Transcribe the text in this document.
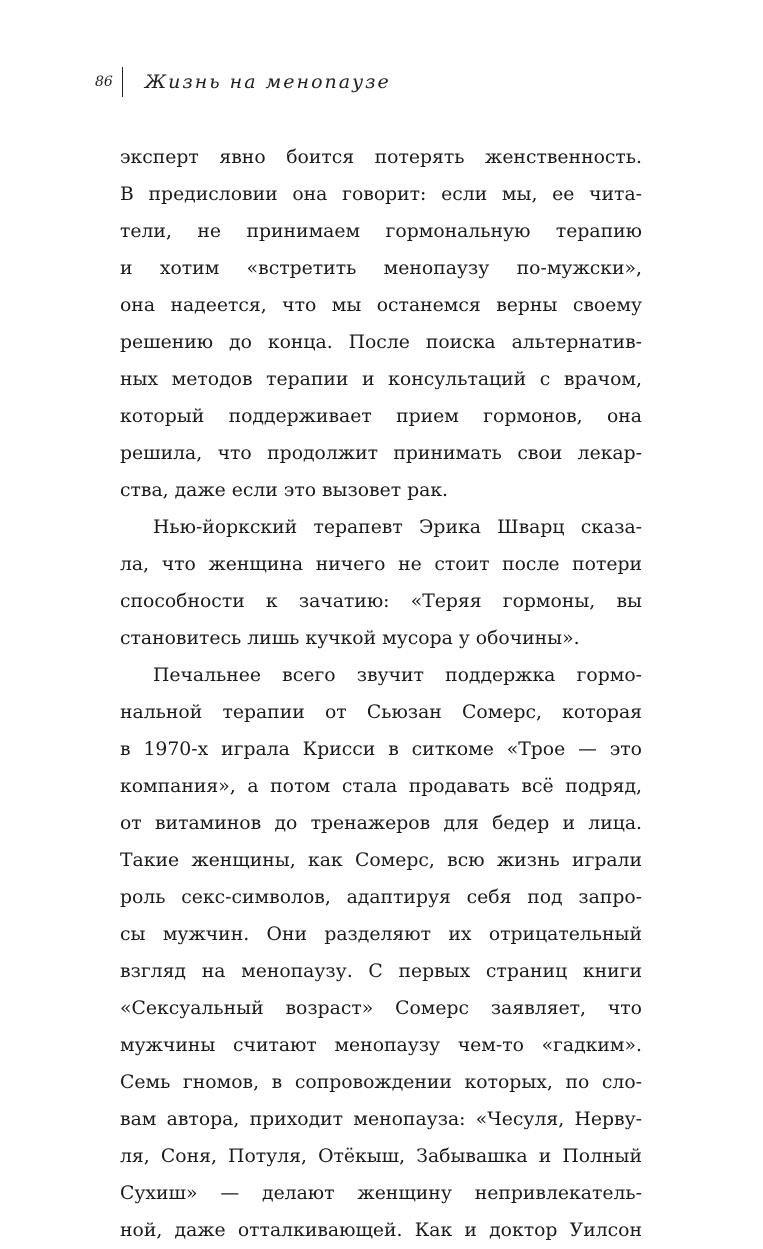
86	Жизнь на менопаузе
эксперт явно боится потерять женственность.
В предисловии она говорит: если мы, ее чита-
тели, не принимаем гормональную терапию
и хотим «встретить менопаузу по-мужски»,
она надеется, что мы останемся верны своему
решению до конца. После поиска альтернатив-
ных методов терапии и консультаций с врачом,
который поддерживает прием гормонов, она
решила, что продолжит принимать свои лекар-
ства, даже если это вызовет рак.
Нью-йоркский терапевт Эрика Шварц сказа-
ла, что женщина ничего не стоит после потери
способности к зачатию: «Теряя гормоны, вы
становитесь лишь кучкой мусора у обочины».
Печальнее всего звучит поддержка гормо-
нальной терапии от Сьюзан Сомерс, которая
в 1970-х играла Крисси в ситкоме «Трое — это
компания», а потом стала продавать всё подряд,
от витаминов до тренажеров для бедер и лица.
Такие женщины, как Сомерс, всю жизнь играли
роль секс-символов, адаптируя себя под запро-
сы мужчин. Они разделяют их отрицательный
взгляд на менопаузу. С первых страниц книги
«Сексуальный возраст» Сомерс заявляет, что
мужчины считают менопаузу чем-то «гадким».
Семь гномов, в сопровождении которых, по сло-
вам автора, приходит менопауза: «Чесуля, Нерву-
ля, Соня, Потуля, Отёкыш, Забывашка и Полный
Сухиш» — делают женщину непривлекатель-
ной, даже отталкивающей. Как и доктор Уилсон
